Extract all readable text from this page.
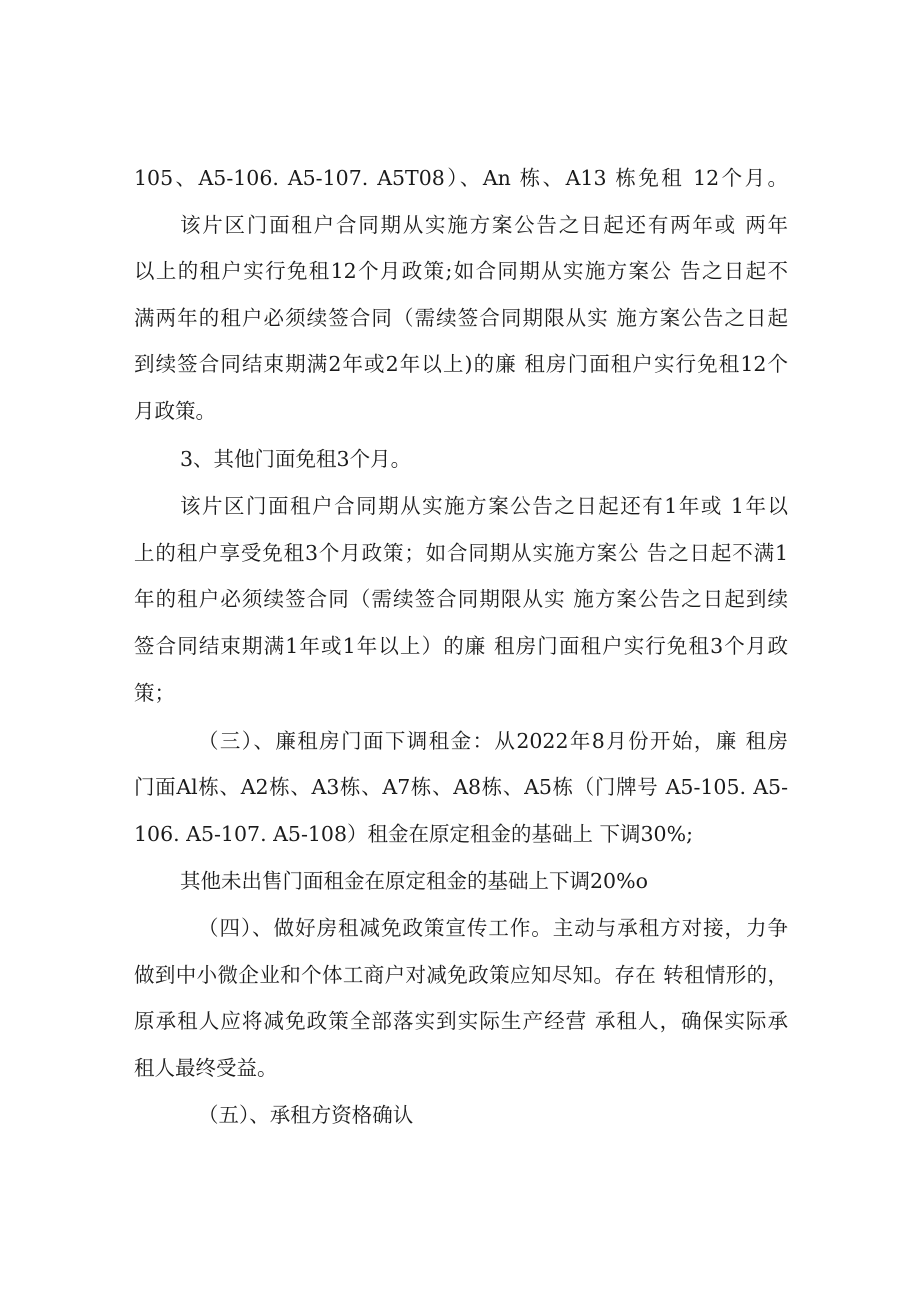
105、A5-106. A5-107. A5T08）、An 栋、A13 栋免租 12个月。
该片区门面租户合同期从实施方案公告之日起还有两年或 两年
以上的租户实行免租12个月政策;如合同期从实施方案公 告之日起不
满两年的租户必须续签合同（需续签合同期限从实 施方案公告之日起
到续签合同结束期满2年或2年以上)的廉 租房门面租户实行免租12个
月政策。
3、其他门面免租3个月。
该片区门面租户合同期从实施方案公告之日起还有1年或 1年以
上的租户享受免租3个月政策；如合同期从实施方案公 告之日起不满1
年的租户必须续签合同（需续签合同期限从实 施方案公告之日起到续
签合同结束期满1年或1年以上）的廉 租房门面租户实行免租3个月政
策；
（三）、廉租房门面下调租金：从2022年8月份开始，廉 租房
门面Al栋、A2栋、A3栋、A7栋、A8栋、A5栋（门牌号 A5-105. A5-
106. A5-107. A5-108）租金在原定租金的基础上 下调30%;
其他未出售门面租金在原定租金的基础上下调20%o
（四）、做好房租减免政策宣传工作。主动与承租方对接，力争
做到中小微企业和个体工商户对减免政策应知尽知。存在 转租情形的，
原承租人应将减免政策全部落实到实际生产经营 承租人，确保实际承
租人最终受益。
（五）、承租方资格确认
